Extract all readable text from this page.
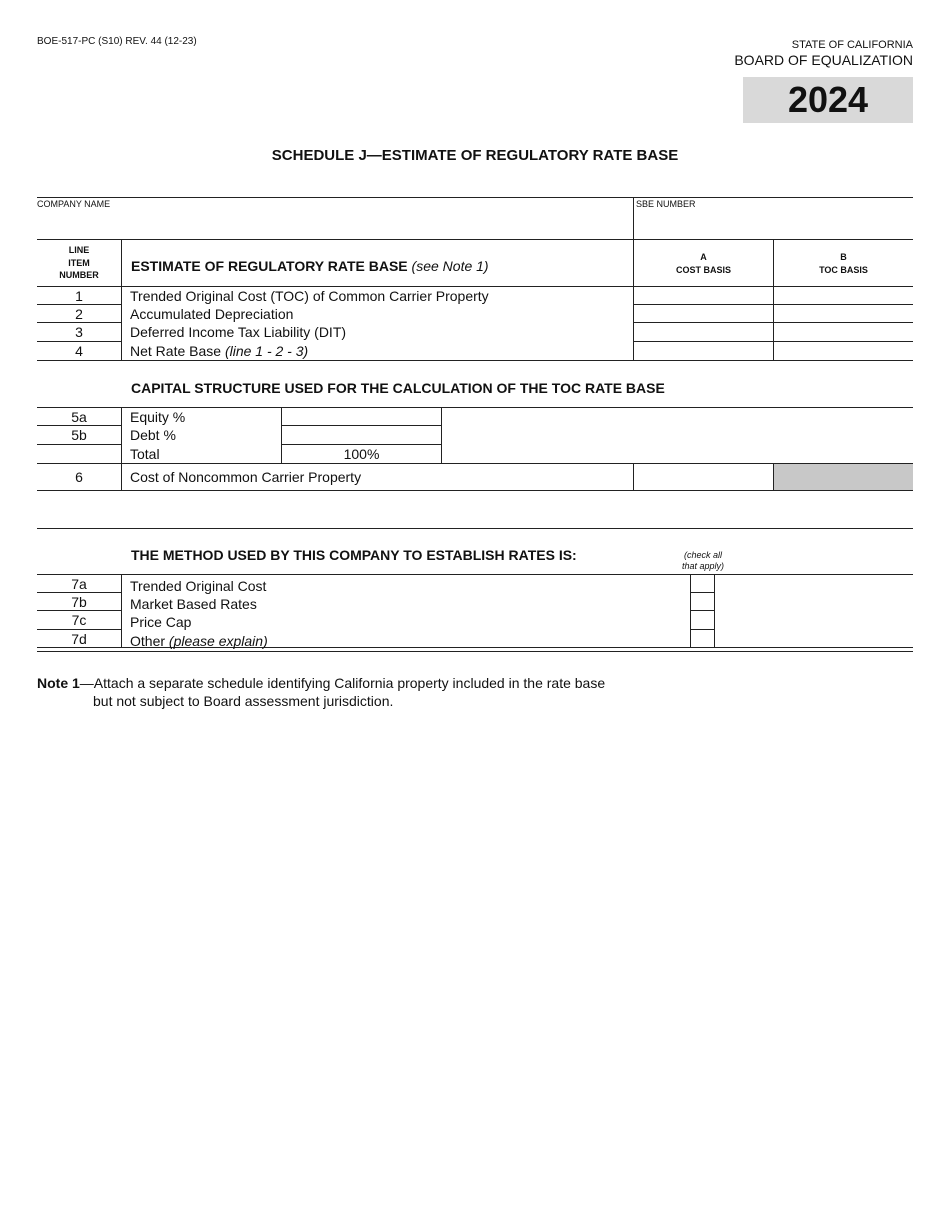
BOE-517-PC (S10) REV. 44 (12-23)	STATE OF CALIFORNIA
BOARD OF EQUALIZATION
2024
SCHEDULE J—ESTIMATE OF REGULATORY RATE BASE
COMPANY NAME	SBE NUMBER
LINE
ITEM
NUMBER
ESTIMATE OF REGULATORY RATE BASE (see Note 1)
A
COST BASIS
B
TOC BASIS
1	Trended Original Cost (TOC) of Common Carrier Property
2	Accumulated Depreciation
3	Deferred Income Tax Liability (DIT)
4	Net Rate Base (line 1 - 2 - 3)
CAPITAL STRUCTURE USED FOR THE CALCULATION OF THE TOC RATE BASE
5a	Equity %
5b	Debt %
Total	100%
6	Cost of Noncommon Carrier Property
THE METHOD USED BY THIS COMPANY TO ESTABLISH RATES IS:	(check all
that apply)
7a	Trended Original Cost
7b	Market Based Rates
7c	Price Cap
7d	Other (please explain)
Note 1—Attach a separate schedule identifying California property included in the rate base
but not subject to Board assessment jurisdiction.
